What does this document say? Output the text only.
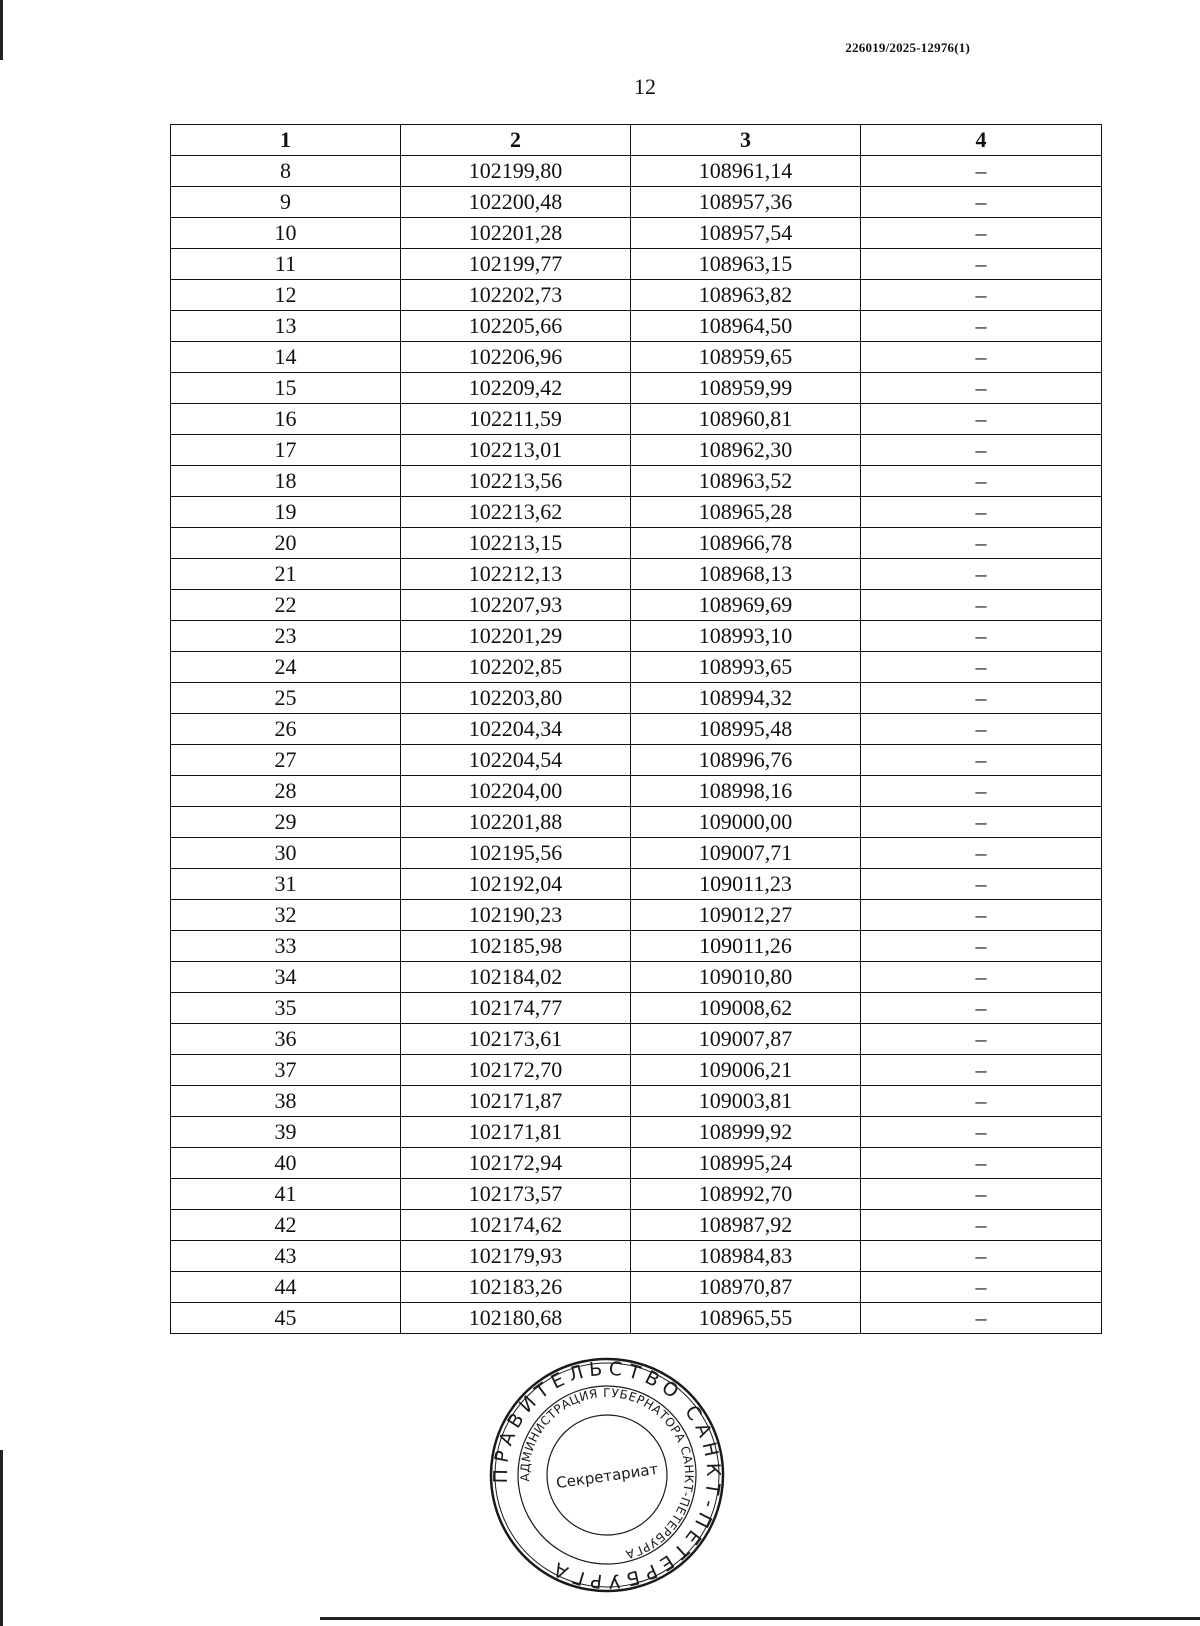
226019/2025-12976(1)
12
1	2	3	4
8	102199,80	108961,14	–
9	102200,48	108957,36	–
10	102201,28	108957,54	–
11	102199,77	108963,15	–
12	102202,73	108963,82	–
13	102205,66	108964,50	–
14	102206,96	108959,65	–
15	102209,42	108959,99	–
16	102211,59	108960,81	–
17	102213,01	108962,30	–
18	102213,56	108963,52	–
19	102213,62	108965,28	–
20	102213,15	108966,78	–
21	102212,13	108968,13	–
22	102207,93	108969,69	–
23	102201,29	108993,10	–
24	102202,85	108993,65	–
25	102203,80	108994,32	–
26	102204,34	108995,48	–
27	102204,54	108996,76	–
28	102204,00	108998,16	–
29	102201,88	109000,00	–
30	102195,56	109007,71	–
31	102192,04	109011,23	–
32	102190,23	109012,27	–
33	102185,98	109011,26	–
34	102184,02	109010,80	–
35	102174,77	109008,62	–
36	102173,61	109007,87	–
37	102172,70	109006,21	–
38	102171,87	109003,81	–
39	102171,81	108999,92	–
40	102172,94	108995,24	–
41	102173,57	108992,70	–
42	102174,62	108987,92	–
43	102179,93	108984,83	–
44	102183,26	108970,87	–
45	102180,68	108965,55	–
ПРАВИТЕЛЬСТВО САНКТ-ПЕТЕРБУРГА
АДМИНИСТРАЦИЯ ГУБЕРНАТОРА САНКТ-ПЕТЕРБУРГА
Секретариат
